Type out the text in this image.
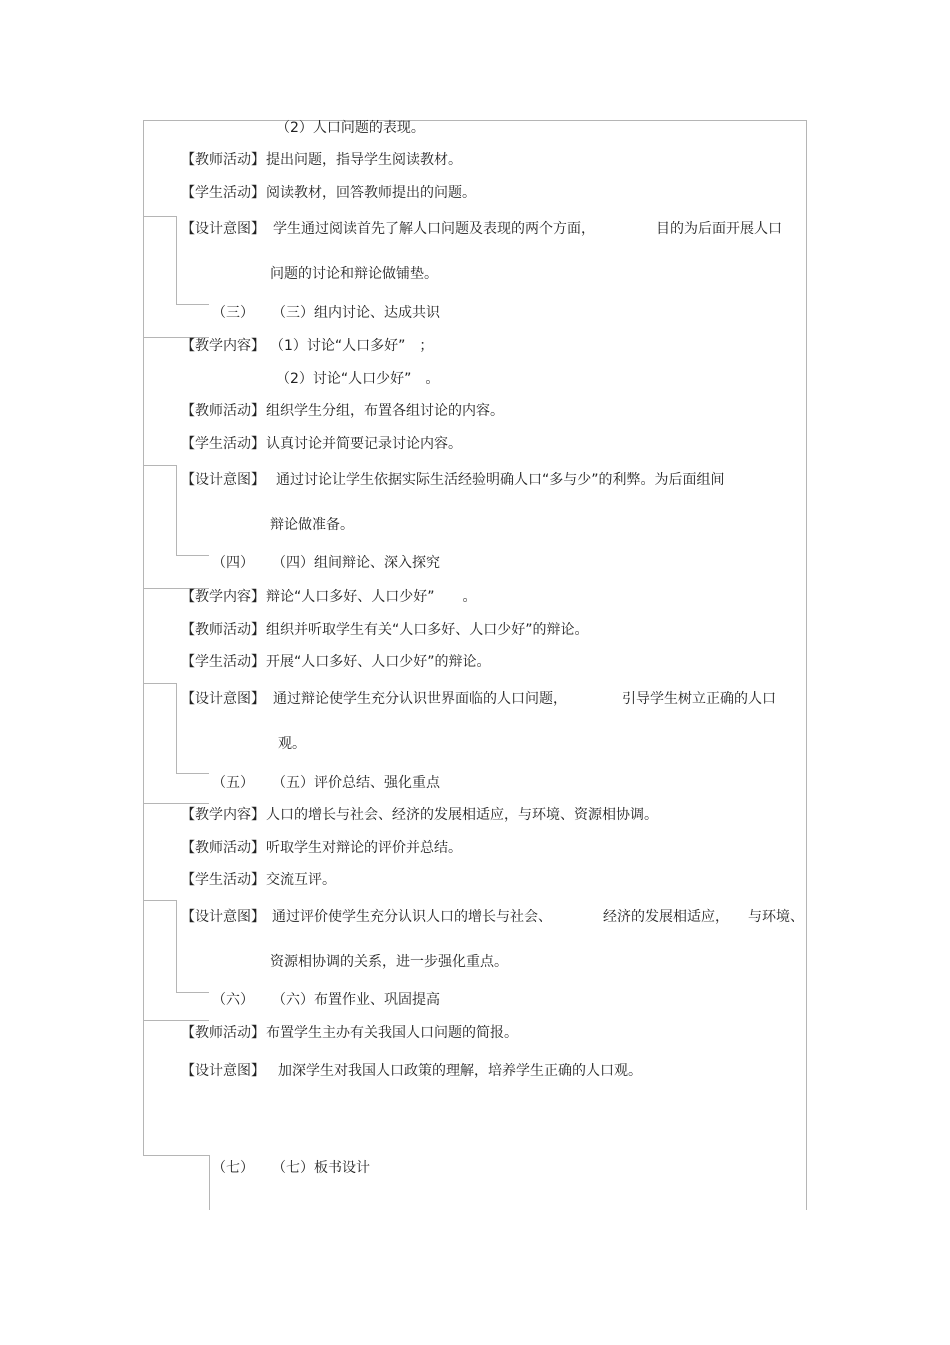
（2）人口问题的表现。
【教师活动】 提出问题，指导学生阅读教材。
【学生活动】 阅读教材，回答教师提出的问题。
【设计意图】 学生通过阅读首先了解人口问题及表现的两个方面，	目的为后面开展人口
问题的讨论和辩论做铺垫。
（三） （三）组内讨论、达成共识
【教学内容】 （1）讨论“人口多好”　；
（2）讨论“人口少好”　。
【教师活动】 组织学生分组，布置各组讨论的内容。
【学生活动】 认真讨论并简要记录讨论内容。
【设计意图】 通过讨论让学生依据实际生活经验明确人口“多与少”的利弊。为后面组间
辩论做准备。
（四） （四）组间辩论、深入探究
【教学内容】 辩论“人口多好、人口少好”　　。
【教师活动】 组织并听取学生有关“人口多好、人口少好”的辩论。
【学生活动】 开展“人口多好、人口少好”的辩论。
【设计意图】 通过辩论使学生充分认识世界面临的人口问题，	引导学生树立正确的人口
观。
（五） （五）评价总结、强化重点
【教学内容】 人口的增长与社会、经济的发展相适应，与环境、资源相协调。
【教师活动】 听取学生对辩论的评价并总结。
【学生活动】 交流互评。
【设计意图】 通过评价使学生充分认识人口的增长与社会、	经济的发展相适应， 与环境、
资源相协调的关系，进一步强化重点。
（六） （六）布置作业、巩固提高
【教师活动】 布置学生主办有关我国人口问题的简报。
【设计意图】 加深学生对我国人口政策的理解，培养学生正确的人口观。
（七） （七）板书设计
